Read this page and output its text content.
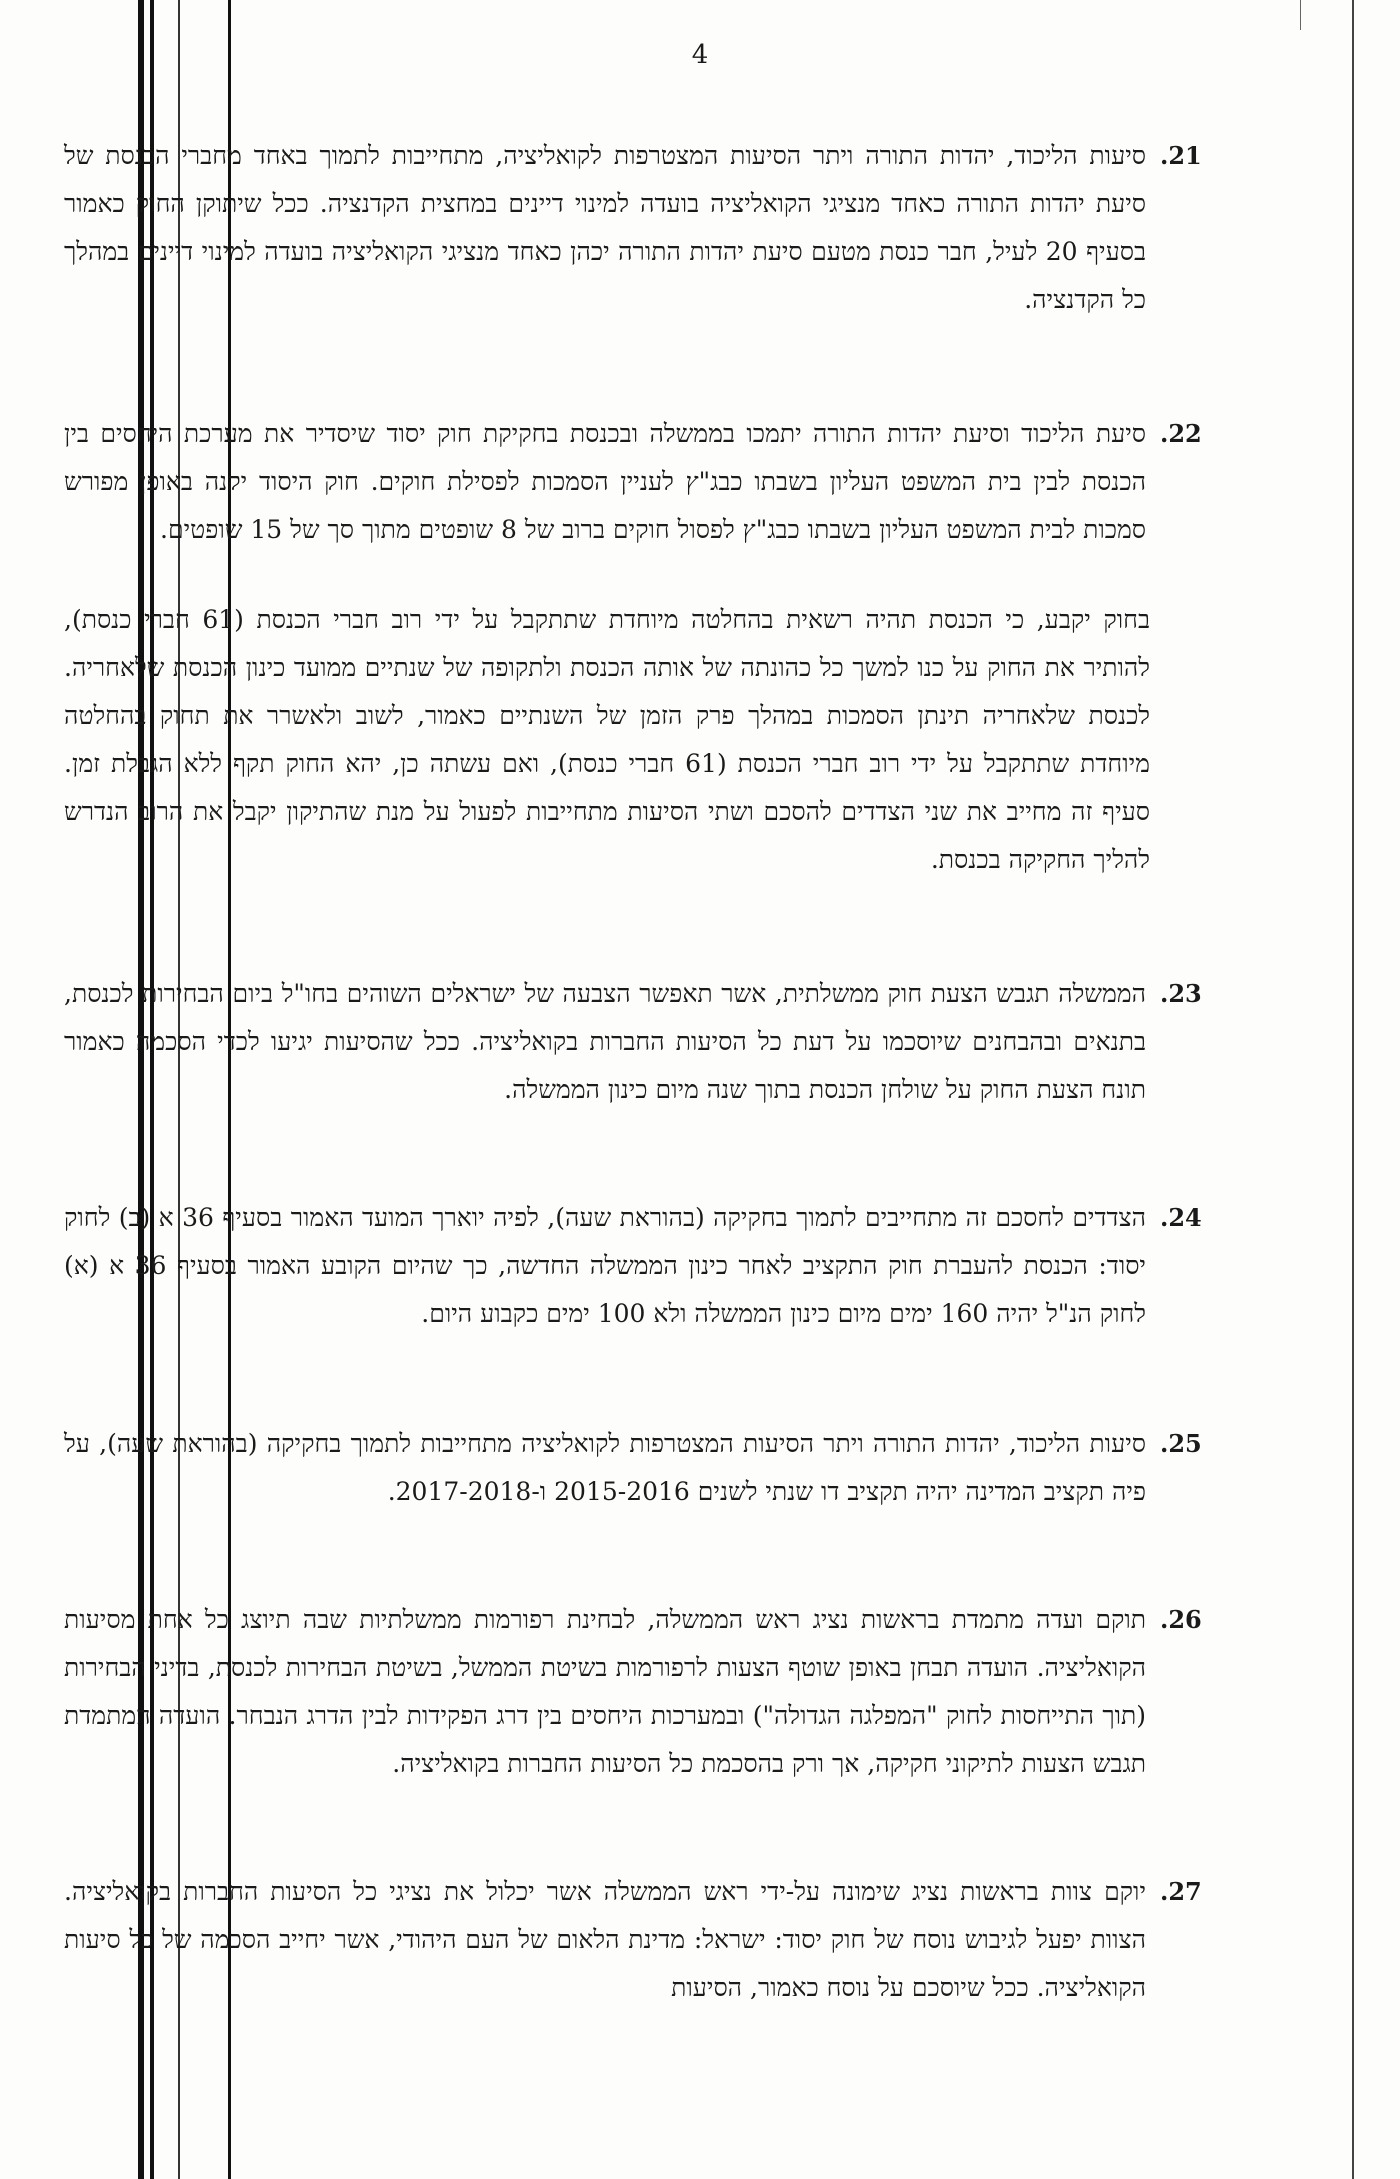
4
.21
סיעות הליכוד, יהדות התורה ויתר הסיעות המצטרפות לקואליציה, מתחייבות לתמוך באחד מחברי הכנסת של סיעת יהדות התורה כאחד מנציגי הקואליציה בועדה למינוי דיינים במחצית הקדנציה. ככל שיתוקן החוק כאמור בסעיף 20 לעיל, חבר כנסת מטעם סיעת יהדות התורה יכהן כאחד מנציגי הקואליציה בועדה למינוי דיינים במהלך כל הקדנציה.
.22
סיעת הליכוד וסיעת יהדות התורה יתמכו בממשלה ובכנסת בחקיקת חוק יסוד שיסדיר את מערכת היחסים בין הכנסת לבין בית המשפט העליון בשבתו כבג"ץ לעניין הסמכות לפסילת חוקים. חוק היסוד יקנה באופן מפורש סמכות לבית המשפט העליון בשבתו כבג"ץ לפסול חוקים ברוב של 8 שופטים מתוך סך של 15 שופטים.
בחוק יקבע, כי הכנסת תהיה רשאית בהחלטה מיוחדת שתתקבל על ידי רוב חברי הכנסת (61 חברי כנסת), להותיר את החוק על כנו למשך כל כהונתה של אותה הכנסת ולתקופה של שנתיים ממועד כינון הכנסת שלאחריה. לכנסת שלאחריה תינתן הסמכות במהלך פרק הזמן של השנתיים כאמור, לשוב ולאשרר את תחוק בהחלטה מיוחדת שתתקבל על ידי רוב חברי הכנסת (61 חברי כנסת), ואם עשתה כן, יהא החוק תקף ללא הגבלת זמן. סעיף זה מחייב את שני הצדדים להסכם ושתי הסיעות מתחייבות לפעול על מנת שהתיקון יקבל את הרוב הנדרש להליך החקיקה בכנסת.
.23
הממשלה תגבש הצעת חוק ממשלתית, אשר תאפשר הצבעה של ישראלים השוהים בחו"ל ביום הבחירות לכנסת, בתנאים ובהבחנים שיוסכמו על דעת כל הסיעות החברות בקואליציה. ככל שהסיעות יגיעו לכדי הסכמה כאמור תונח הצעת החוק על שולחן הכנסת בתוך שנה מיום כינון הממשלה.
.24
הצדדים לחסכם זה מתחייבים לתמוך בחקיקה (בהוראת שעה), לפיה יוארך המועד האמור בסעיף 36 א (ב) לחוק יסוד: הכנסת להעברת חוק התקציב לאחר כינון הממשלה החדשה, כך שהיום הקובע האמור בסעיף 36 א (א) לחוק הנ"ל יהיה 160 ימים מיום כינון הממשלה ולא 100 ימים כקבוע היום.
.25
סיעות הליכוד, יהדות התורה ויתר הסיעות המצטרפות לקואליציה מתחייבות לתמוך בחקיקה (בהוראת שעה), על פיה תקציב המדינה יהיה תקציב דו שנתי לשנים 2015-2016 ו-2017-2018.
.26
תוקם ועדה מתמדת בראשות נציג ראש הממשלה, לבחינת רפורמות ממשלתיות שבה תיוצג כל אחת מסיעות הקואליציה. הועדה תבחן באופן שוטף הצעות לרפורמות בשיטת הממשל, בשיטת הבחירות לכנסת, בדיני הבחירות (תוך התייחסות לחוק "המפלגה הגדולה") ובמערכות היחסים בין דרג הפקידות לבין הדרג הנבחר. הועדה המתמדת תגבש הצעות לתיקוני חקיקה, אך ורק בהסכמת כל הסיעות החברות בקואליציה.
.27
יוקם צוות בראשות נציג שימונה על-ידי ראש הממשלה אשר יכלול את נציגי כל הסיעות החברות בקואליציה. הצוות יפעל לגיבוש נוסח של חוק יסוד: ישראל: מדינת הלאום של העם היהודי, אשר יחייב הסכמה של כל סיעות הקואליציה. ככל שיוסכם על נוסח כאמור, הסיעות
